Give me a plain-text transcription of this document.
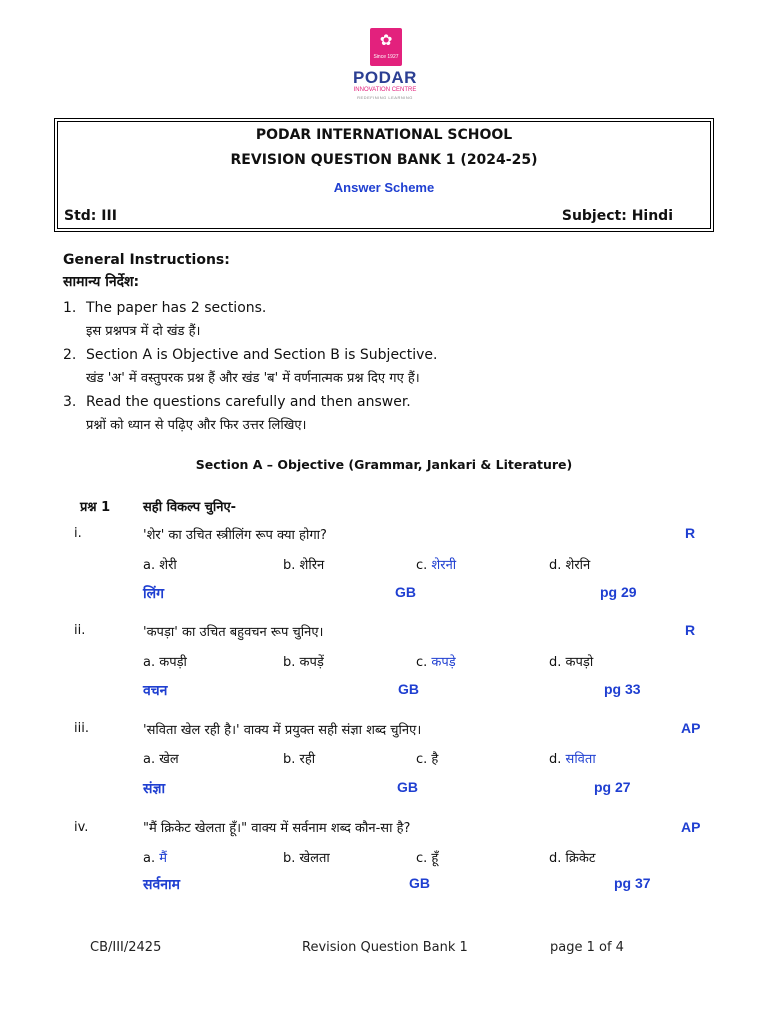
✿
Since 1927
PODAR
INNOVATION CENTRE
REDEFINING LEARNING
PODAR INTERNATIONAL SCHOOL
REVISION QUESTION BANK 1 (2024-25)
Answer Scheme
Std: III	Subject: Hindi
General Instructions:
सामान्य निर्देश:
1. The paper has 2 sections.
इस प्रश्नपत्र में दो खंड हैं।
2. Section A is Objective and Section B is Subjective.
खंड 'अ' में वस्तुपरक प्रश्न हैं और खंड 'ब' में वर्णनात्मक प्रश्न दिए गए हैं।
3. Read the questions carefully and then answer.
प्रश्नों को ध्यान से पढ़िए और फिर उत्तर लिखिए।
Section A – Objective (Grammar, Jankari & Literature)
प्रश्न 1	सही विकल्प चुनिए-
i.	'शेर' का उचित स्त्रीलिंग रूप क्या होगा?	R
a. शेरी	b. शेरिन	c. शेरनी	d. शेरनि
लिंग	GB	pg 29
ii.	'कपड़ा' का उचित बहुवचन रूप चुनिए।	R
a. कपड़ी	b. कपड़ें	c. कपड़े	d. कपड़ो
वचन	GB	pg 33
iii.	'सविता खेल रही है।' वाक्य में प्रयुक्त सही संज्ञा शब्द चुनिए।	AP
a. खेल	b. रही	c. है	d. सविता
संज्ञा	GB	pg 27
iv.	"मैं क्रिकेट खेलता हूँ।" वाक्य में सर्वनाम शब्द कौन-सा है?	AP
a. मैं	b. खेलता	c. हूँ	d. क्रिकेट
सर्वनाम	GB	pg 37
CB/III/2425	Revision Question Bank 1	page 1 of 4
